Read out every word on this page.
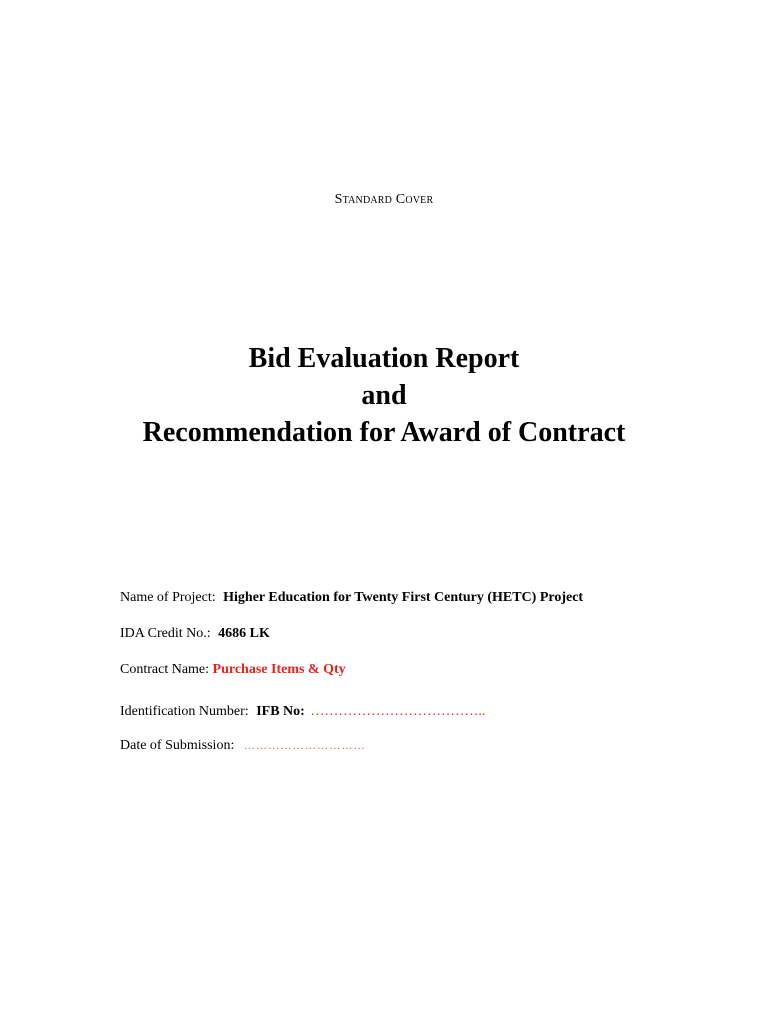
Standard Cover
Bid Evaluation Report
and
Recommendation for Award of Contract
Name of Project: Higher Education for Twenty First Century (HETC) Project
IDA Credit No.: 4686 LK
Contract Name: Purchase Items & Qty
Identification Number: IFB No: ………………………………..
Date of Submission: …………………………
